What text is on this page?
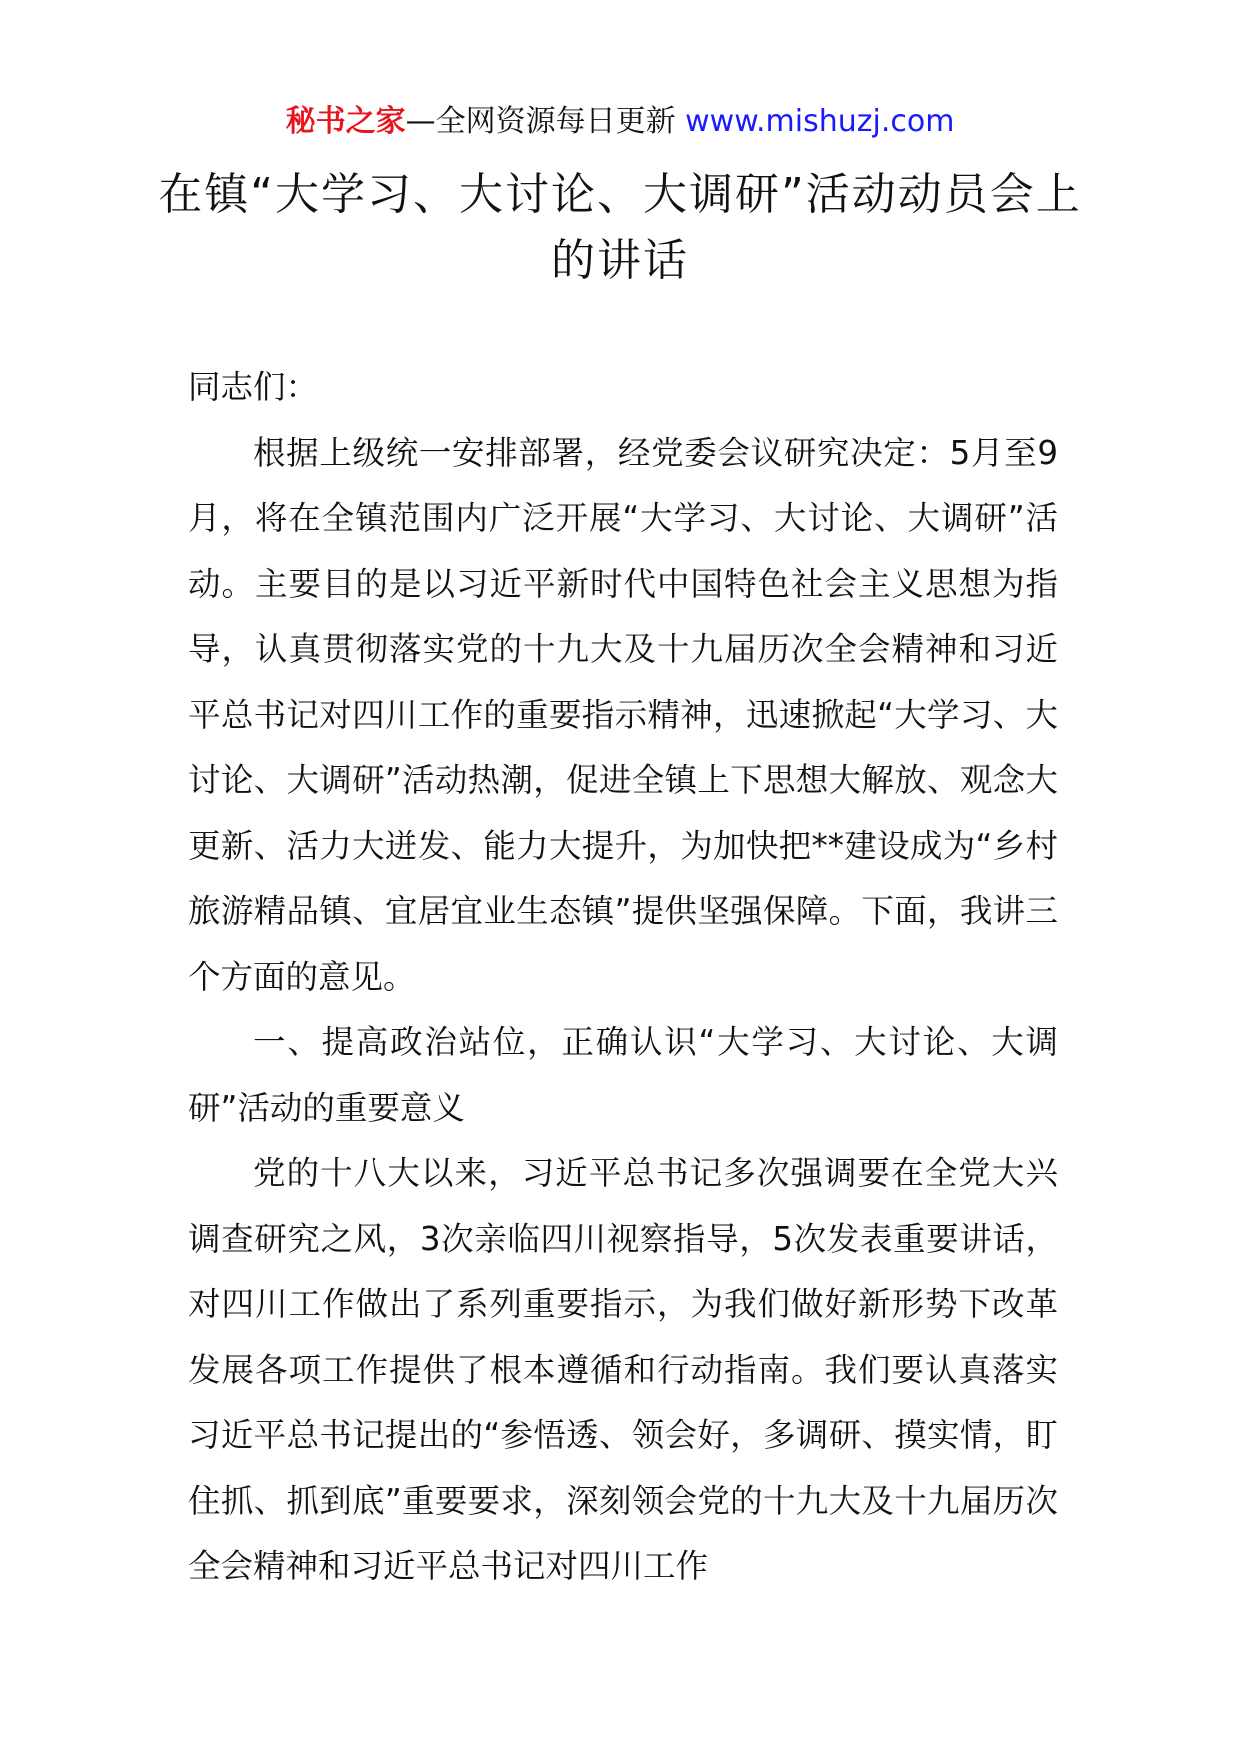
秘书之家—全网资源每日更新 www.mishuzj.com
在镇“大学习、大讨论、大调研”活动动员会上的讲话

同志们：

根据上级统一安排部署，经党委会议研究决定：5月至9月，将在全镇范围内广泛开展“大学习、大讨论、大调研”活动。主要目的是以习近平新时代中国特色社会主义思想为指导，认真贯彻落实党的十九大及十九届历次全会精神和习近平总书记对四川工作的重要指示精神，迅速掀起“大学习、大讨论、大调研”活动热潮，促进全镇上下思想大解放、观念大更新、活力大迸发、能力大提升，为加快把**建设成为“乡村旅游精品镇、宜居宜业生态镇”提供坚强保障。下面，我讲三个方面的意见。

一、提高政治站位，正确认识“大学习、大讨论、大调研”活动的重要意义

党的十八大以来，习近平总书记多次强调要在全党大兴调查研究之风，3次亲临四川视察指导，5次发表重要讲话，对四川工作做出了系列重要指示，为我们做好新形势下改革发展各项工作提供了根本遵循和行动指南。我们要认真落实习近平总书记提出的“参悟透、领会好，多调研、摸实情，盯住抓、抓到底”重要要求，深刻领会党的十九大及十九届历次全会精神和习近平总书记对四川工作
